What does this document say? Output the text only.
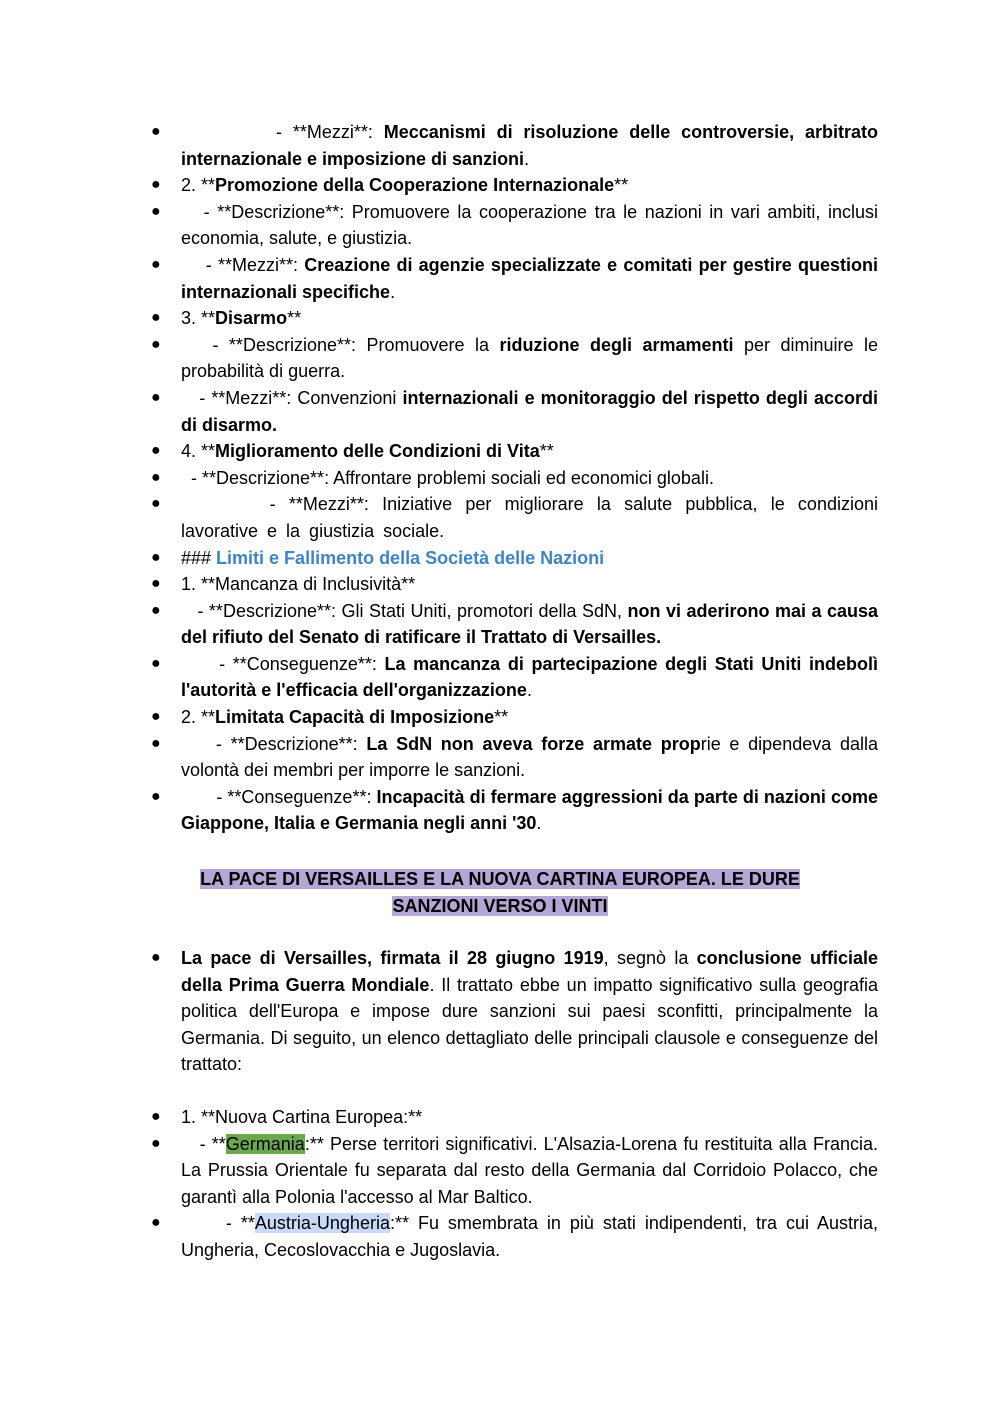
●	- **Mezzi**: Meccanismi di risoluzione delle controversie, arbitrato internazionale e imposizione di sanzioni.
● 2. **Promozione della Cooperazione Internazionale**
● - **Descrizione**: Promuovere la cooperazione tra le nazioni in vari ambiti, inclusi economia, salute, e giustizia.
● - **Mezzi**: Creazione di agenzie specializzate e comitati per gestire questioni internazionali specifiche.
● 3. **Disarmo**
● - **Descrizione**: Promuovere la riduzione degli armamenti per diminuire le probabilità di guerra.
● - **Mezzi**: Convenzioni internazionali e monitoraggio del rispetto degli accordi di disarmo.
● 4. **Miglioramento delle Condizioni di Vita**
● - **Descrizione**: Affrontare problemi sociali ed economici globali.
● - **Mezzi**: Iniziative per migliorare la salute pubblica, le condizioni lavorative e la giustizia sociale.
● ### Limiti e Fallimento della Società delle Nazioni
● 1. **Mancanza di Inclusività**
● - **Descrizione**: Gli Stati Uniti, promotori della SdN, non vi aderirono mai a causa del rifiuto del Senato di ratificare il Trattato di Versailles.
● - **Conseguenze**: La mancanza di partecipazione degli Stati Uniti indebolì l'autorità e l'efficacia dell'organizzazione.
● 2. **Limitata Capacità di Imposizione**
● - **Descrizione**: La SdN non aveva forze armate proprie e dipendeva dalla volontà dei membri per imporre le sanzioni.
● - **Conseguenze**: Incapacità di fermare aggressioni da parte di nazioni come Giappone, Italia e Germania negli anni '30.
LA PACE DI VERSAILLES E LA NUOVA CARTINA EUROPEA. LE DURE
SANZIONI VERSO I VINTI
● La pace di Versailles, firmata il 28 giugno 1919, segnò la conclusione ufficiale della Prima Guerra Mondiale. Il trattato ebbe un impatto significativo sulla geografia politica dell'Europa e impose dure sanzioni sui paesi sconfitti, principalmente la Germania. Di seguito, un elenco dettagliato delle principali clausole e conseguenze del trattato:
● 1. **Nuova Cartina Europea:**
● - **Germania:** Perse territori significativi. L'Alsazia-Lorena fu restituita alla Francia. La Prussia Orientale fu separata dal resto della Germania dal Corridoio Polacco, che garantì alla Polonia l'accesso al Mar Baltico.
● - **Austria-Ungheria:** Fu smembrata in più stati indipendenti, tra cui Austria, Ungheria, Cecoslovacchia e Jugoslavia.
